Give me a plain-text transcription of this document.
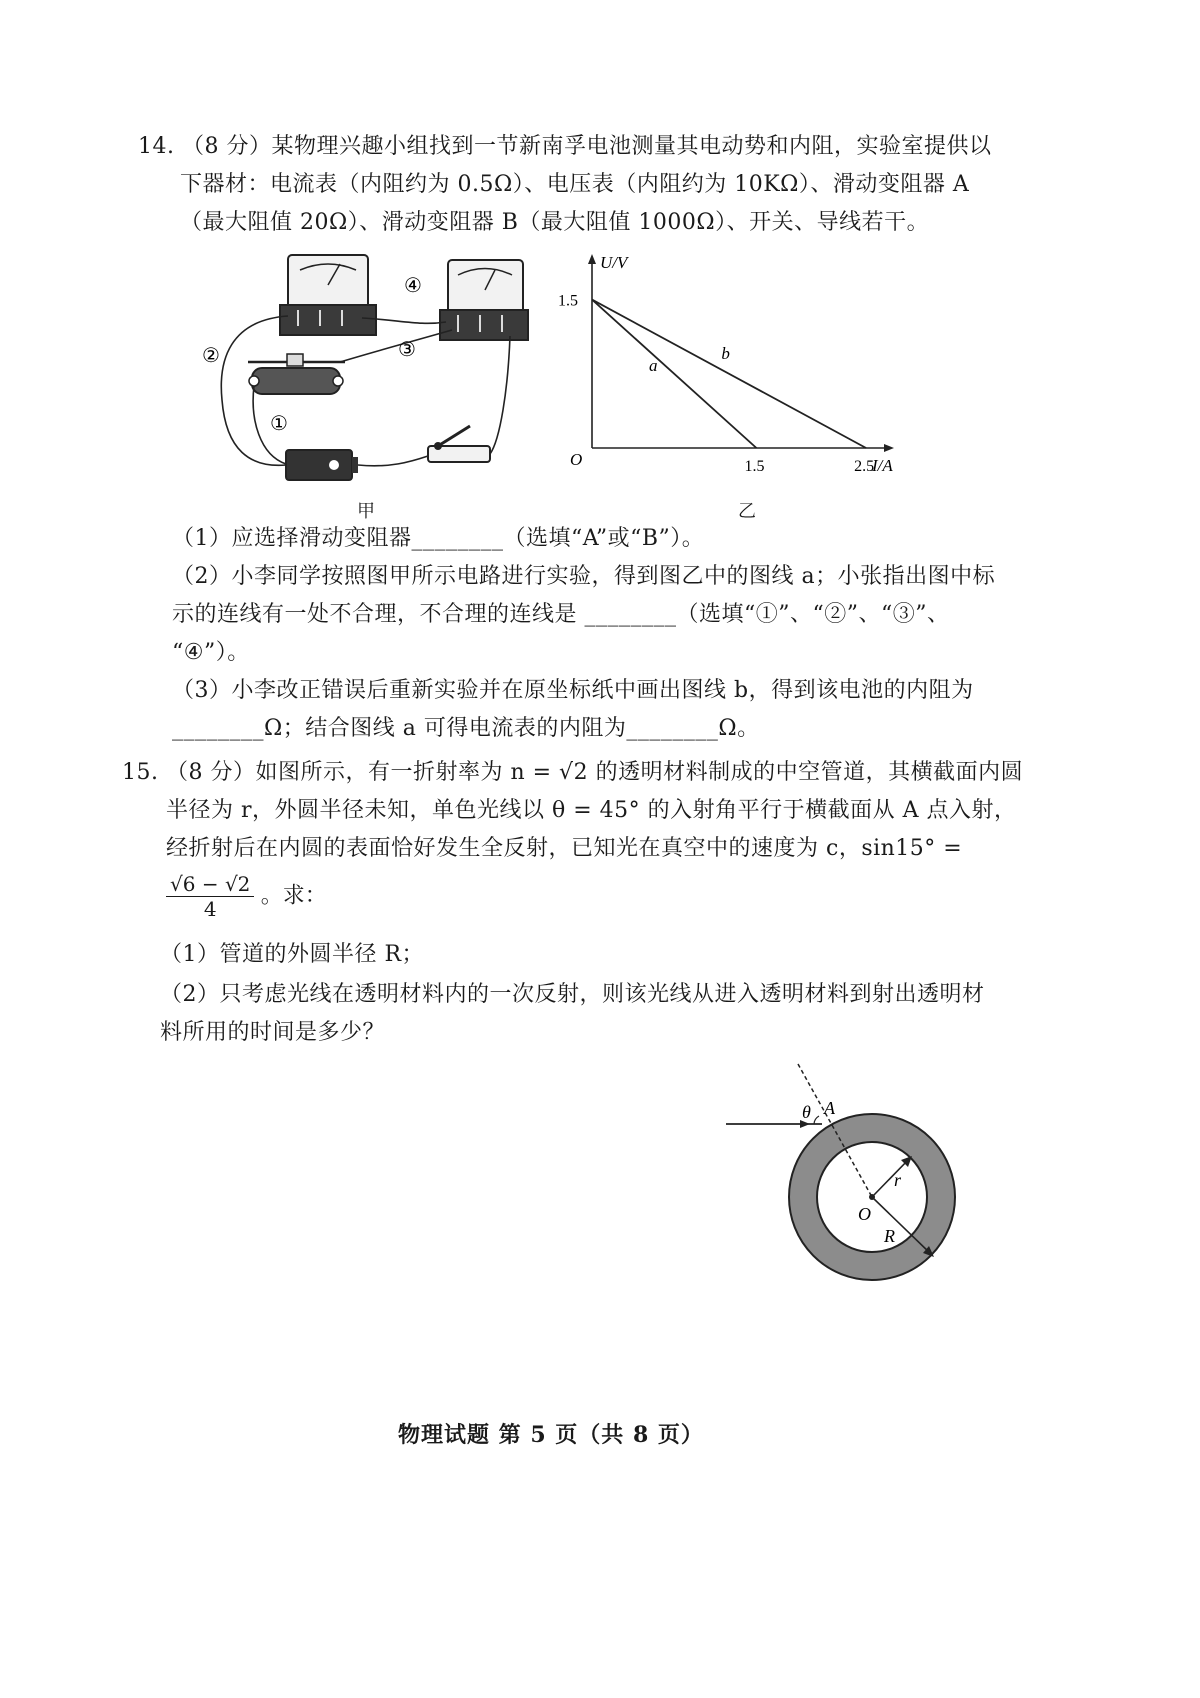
14. （8 分）某物理兴趣小组找到一节新南孚电池测量其电动势和内阻，实验室提供以
下器材：电流表（内阻约为 0.5Ω）、电压表（内阻约为 10KΩ）、滑动变阻器 A
（最大阻值 20Ω）、滑动变阻器 B（最大阻值 1000Ω）、开关、导线若干。
④
②	③
①
甲
U/V
I/A
O
a
b
1.5
1.5	2.5
乙
（1）应选择滑动变阻器________（选填“A”或“B”）。
（2）小李同学按照图甲所示电路进行实验，得到图乙中的图线 a；小张指出图中标
示的连线有一处不合理，不合理的连线是 ________（选填“①”、“②”、“③”、
“④”）。
（3）小李改正错误后重新实验并在原坐标纸中画出图线 b，得到该电池的内阻为
________Ω；结合图线 a 可得电流表的内阻为________Ω。
15. （8 分）如图所示，有一折射率为 n = √2 的透明材料制成的中空管道，其横截面内圆
半径为 r，外圆半径未知，单色光线以 θ = 45° 的入射角平行于横截面从 A 点入射，
经折射后在内圆的表面恰好发生全反射，已知光在真空中的速度为 c，sin15° =
$\frac{√6 - √2}{4}$ 。求：
（1）管道的外圆半径 R；
（2）只考虑光线在透明材料内的一次反射，则该光线从进入透明材料到射出透明材
料所用的时间是多少？
θ A
r
O
R
物理试题 第 5 页（共 8 页）
